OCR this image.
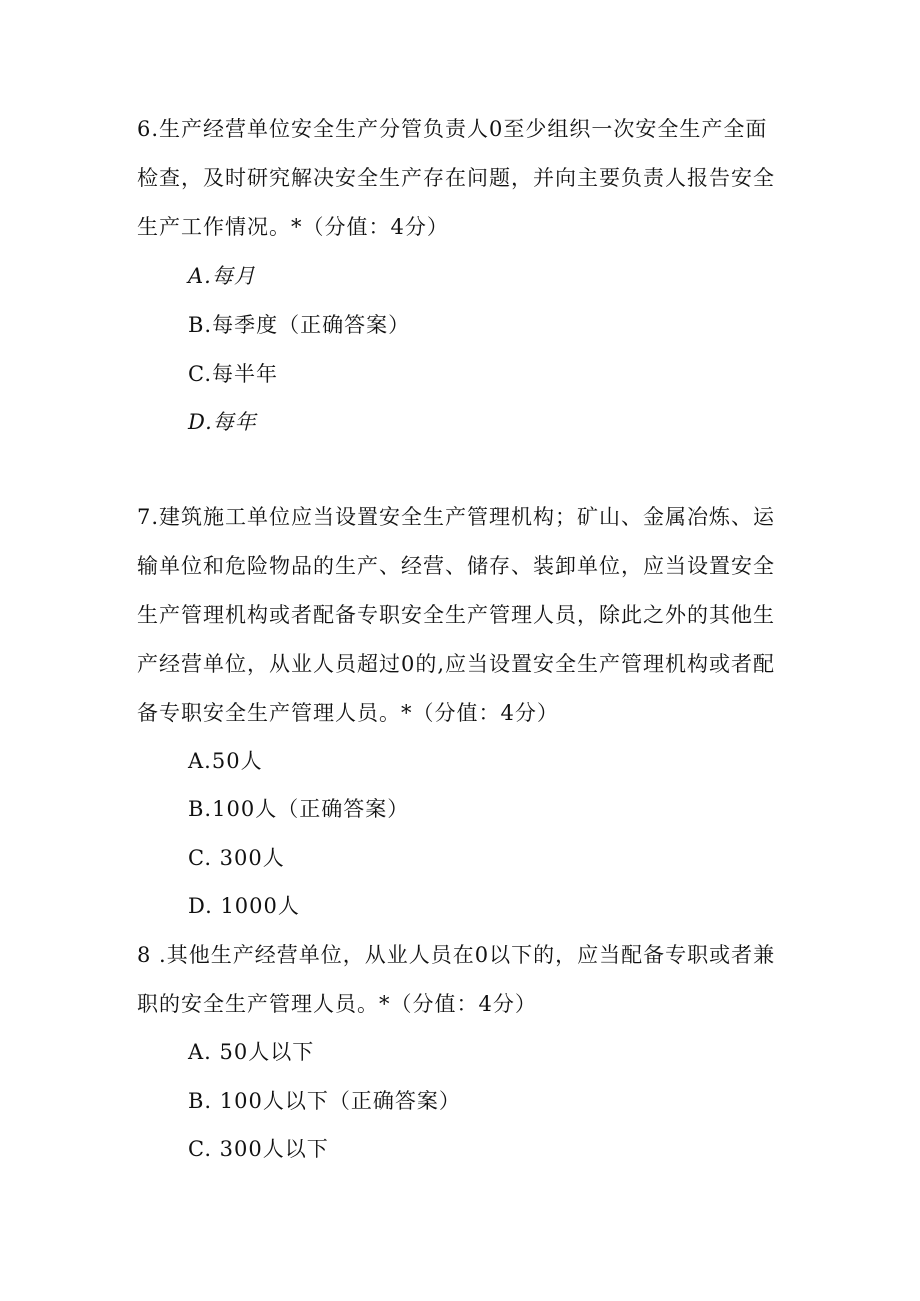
6.生产经营单位安全生产分管负责人0至少组织一次安全生产全面检查，及时研究解决安全生产存在问题，并向主要负责人报告安全生产工作情况。*（分值：4分）

A.每月
B.每季度（正确答案）
C.每半年
D.每年

7.建筑施工单位应当设置安全生产管理机构；矿山、金属冶炼、运输单位和危险物品的生产、经营、储存、装卸单位，应当设置安全生产管理机构或者配备专职安全生产管理人员，除此之外的其他生产经营单位，从业人员超过0的,应当设置安全生产管理机构或者配备专职安全生产管理人员。*（分值：4分）

A.50人
B.100人（正确答案）
C. 300人
D. 1000人

8 .其他生产经营单位，从业人员在0以下的，应当配备专职或者兼职的安全生产管理人员。*（分值：4分）

A. 50人以下
B. 100人以下（正确答案）
C. 300人以下
